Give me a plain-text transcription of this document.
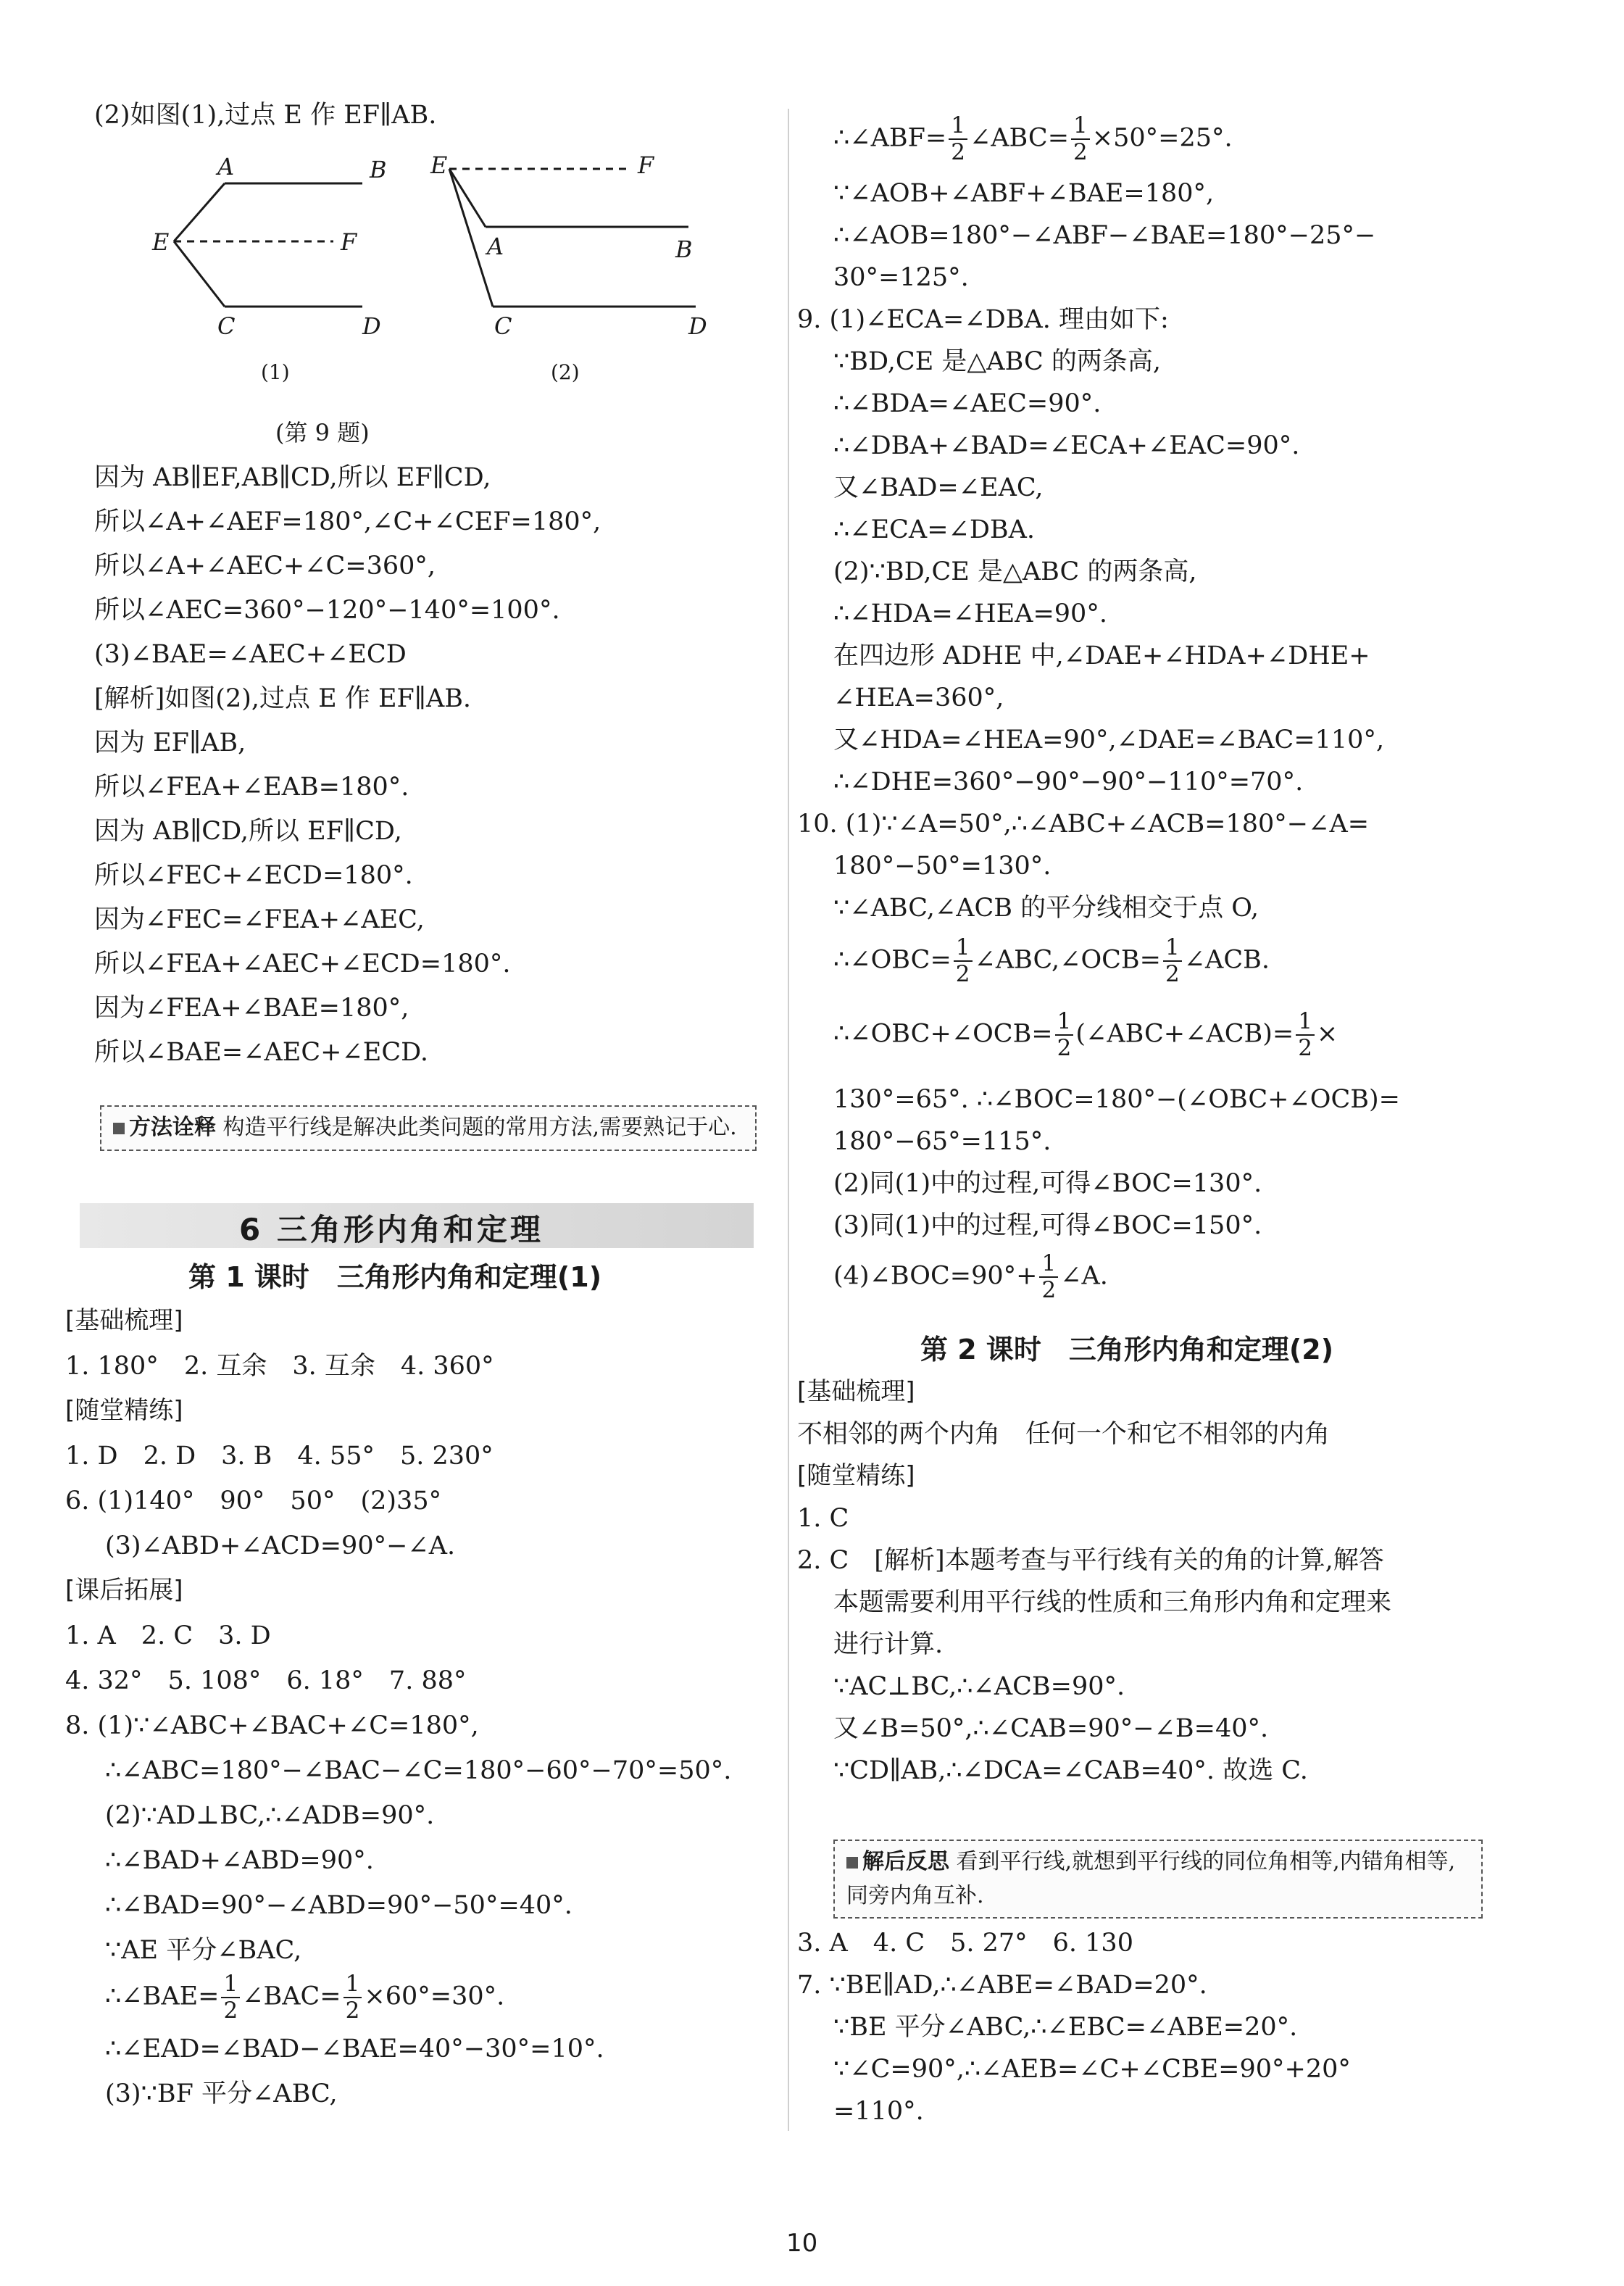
(2)如图(1),过点 E 作 EF∥AB.
A	B
E	F
C	D
E	F
A	B
C	D
(1)	(2)
(第 9 题)
因为 AB∥EF,AB∥CD,所以 EF∥CD,
所以∠A+∠AEF=180°,∠C+∠CEF=180°,
所以∠A+∠AEC+∠C=360°,
所以∠AEC=360°−120°−140°=100°.
(3)∠BAE=∠AEC+∠ECD
[解析]如图(2),过点 E 作 EF∥AB.
因为 EF∥AB,
所以∠FEA+∠EAB=180°.
因为 AB∥CD,所以 EF∥CD,
所以∠FEC+∠ECD=180°.
因为∠FEC=∠FEA+∠AEC,
所以∠FEA+∠AEC+∠ECD=180°.
因为∠FEA+∠BAE=180°,
所以∠BAE=∠AEC+∠ECD.
方法诠释 构造平行线是解决此类问题的常用方法,需要熟记于心.
6 三角形内角和定理
第 1 课时　三角形内角和定理(1)
[基础梳理]
1. 180°　2. 互余　3. 互余　4. 360°
[随堂精练]
1. D　2. D　3. B　4. 55°　5. 230°
6. (1)140°　90°　50°　(2)35°
(3)∠ABD+∠ACD=90°−∠A.
[课后拓展]
1. A　2. C　3. D
4. 32°　5. 108°　6. 18°　7. 88°
8. (1)∵∠ABC+∠BAC+∠C=180°,
∴∠ABC=180°−∠BAC−∠C=180°−60°−70°=50°.
(2)∵AD⊥BC,∴∠ADB=90°.
∴∠BAD+∠ABD=90°.
∴∠BAD=90°−∠ABD=90°−50°=40°.
∵AE 平分∠BAC,
∴∠BAE= $\frac{1}{2}$ ∠BAC= $\frac{1}{2} \times 60^\circ=30^\circ$.
∴∠EAD=∠BAD−∠BAE=40°−30°=10°.
(3)∵BF 平分∠ABC,
∴∠ABF= $\frac{1}{2}$ ∠ABC= $\frac{1}{2} \times 50^\circ=25^\circ$.
∵∠AOB+∠ABF+∠BAE=180°,
∴∠AOB=180°−∠ABF−∠BAE=180°−25°−
30°=125°.
9. (1)∠ECA=∠DBA. 理由如下:
∵BD,CE 是△ABC 的两条高,
∴∠BDA=∠AEC=90°.
∴∠DBA+∠BAD=∠ECA+∠EAC=90°.
又∠BAD=∠EAC,
∴∠ECA=∠DBA.
(2)∵BD,CE 是△ABC 的两条高,
∴∠HDA=∠HEA=90°.
在四边形 ADHE 中,∠DAE+∠HDA+∠DHE+
∠HEA=360°,
又∠HDA=∠HEA=90°,∠DAE=∠BAC=110°,
∴∠DHE=360°−90°−90°−110°=70°.
10. (1)∵∠A=50°,∴∠ABC+∠ACB=180°−∠A=
180°−50°=130°.
∵∠ABC,∠ACB 的平分线相交于点 O,
∴∠OBC= $\frac{1}{2}$ ∠ABC,∠OCB= $\frac{1}{2}$ ∠ACB.
∴∠OBC+∠OCB= $\frac{1}{2}$ (∠ABC+∠ACB)= $\frac{1}{2}$ ×
130°=65°. ∴∠BOC=180°−(∠OBC+∠OCB)=
180°−65°=115°.
(2)同(1)中的过程,可得∠BOC=130°.
(3)同(1)中的过程,可得∠BOC=150°.
(4)∠BOC=90°+ $\frac{1}{2}$ ∠A.
第 2 课时　三角形内角和定理(2)
[基础梳理]
不相邻的两个内角　任何一个和它不相邻的内角
[随堂精练]
1. C
2. C　[解析]本题考查与平行线有关的角的计算,解答
本题需要利用平行线的性质和三角形内角和定理来
进行计算.
∵AC⊥BC,∴∠ACB=90°.
又∠B=50°,∴∠CAB=90°−∠B=40°.
∵CD∥AB,∴∠DCA=∠CAB=40°. 故选 C.
解后反思 看到平行线,就想到平行线的同位角相等,内错角相等,同旁内角互补.
3. A　4. C　5. 27°　6. 130
7. ∵BE∥AD,∴∠ABE=∠BAD=20°.
∵BE 平分∠ABC,∴∠EBC=∠ABE=20°.
∵∠C=90°,∴∠AEB=∠C+∠CBE=90°+20°
=110°.
10
